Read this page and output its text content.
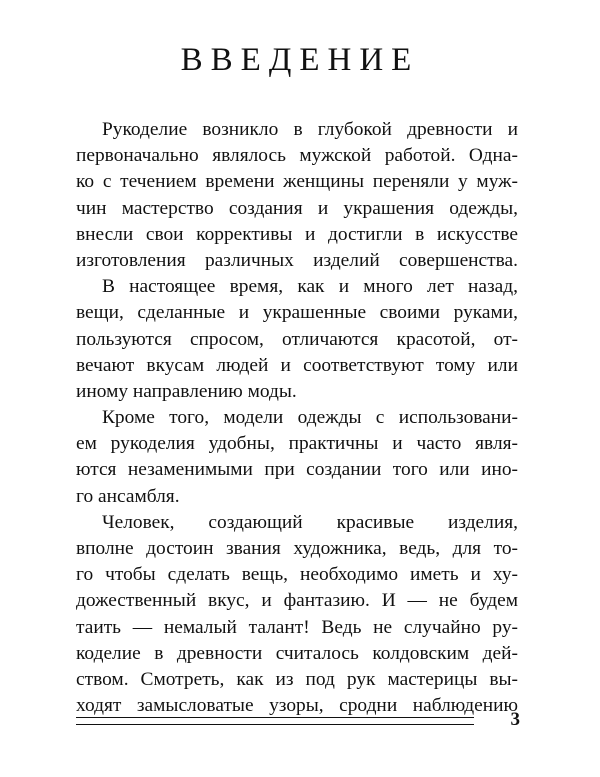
ВВЕДЕНИЕ
Рукоделие возникло в глубокой древности и
первоначально являлось мужской работой. Одна-
ко с течением времени женщины переняли у муж-
чин мастерство создания и украшения одежды,
внесли свои коррективы и достигли в искусстве
изготовления различных изделий совершенства.
В настоящее время, как и много лет назад,
вещи, сделанные и украшенные своими руками,
пользуются спросом, отличаются красотой, от-
вечают вкусам людей и соответствуют тому или
иному направлению моды.
Кроме того, модели одежды с использовани-
ем рукоделия удобны, практичны и часто явля-
ются незаменимыми при создании того или ино-
го ансамбля.
Человек, создающий красивые изделия,
вполне достоин звания художника, ведь, для то-
го чтобы сделать вещь, необходимо иметь и ху-
дожественный вкус, и фантазию. И — не будем
таить — немалый талант! Ведь не случайно ру-
коделие в древности считалось колдовским дей-
ством. Смотреть, как из под рук мастерицы вы-
ходят замысловатые узоры, сродни наблюдению
3
